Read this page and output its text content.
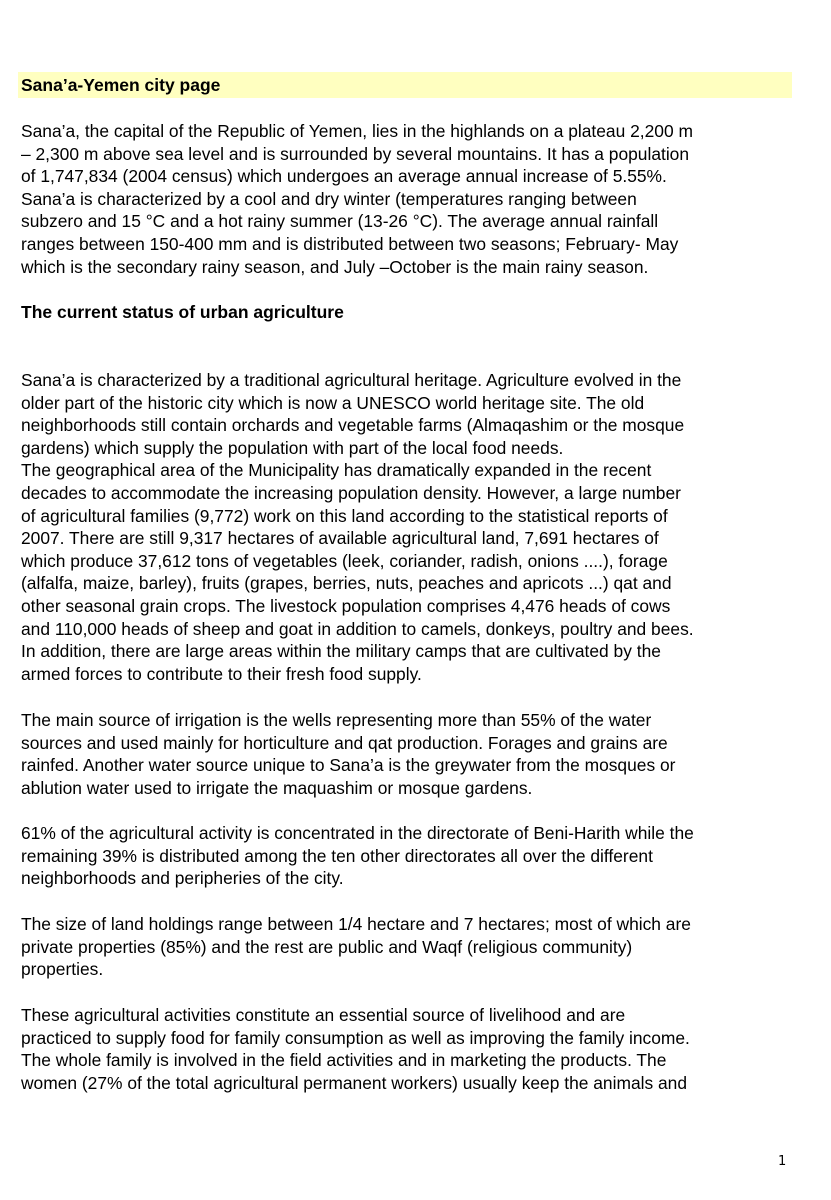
Sana’a-Yemen city page

Sana’a, the capital of the Republic of Yemen, lies in the highlands on a plateau 2,200 m
– 2,300 m above sea level and is surrounded by several mountains. It has a population
of 1,747,834 (2004 census) which undergoes an average annual increase of 5.55%.
Sana’a is characterized by a cool and dry winter (temperatures ranging between
subzero and 15 °C and a hot rainy summer (13-26 °C). The average annual rainfall
ranges between 150-400 mm and is distributed between two seasons; February- May
which is the secondary rainy season, and July –October is the main rainy season.

The current status of urban agriculture

Sana’a is characterized by a traditional agricultural heritage. Agriculture evolved in the
older part of the historic city which is now a UNESCO world heritage site. The old
neighborhoods still contain orchards and vegetable farms (Almaqashim or the mosque
gardens) which supply the population with part of the local food needs.
The geographical area of the Municipality has dramatically expanded in the recent
decades to accommodate the increasing population density. However, a large number
of agricultural families (9,772) work on this land according to the statistical reports of
2007. There are still 9,317 hectares of available agricultural land, 7,691 hectares of
which produce 37,612 tons of vegetables (leek, coriander, radish, onions ....), forage
(alfalfa, maize, barley), fruits (grapes, berries, nuts, peaches and apricots ...) qat and
other seasonal grain crops. The livestock population comprises 4,476 heads of cows
and 110,000 heads of sheep and goat in addition to camels, donkeys, poultry and bees.
In addition, there are large areas within the military camps that are cultivated by the
armed forces to contribute to their fresh food supply.

The main source of irrigation is the wells representing more than 55% of the water
sources and used mainly for horticulture and qat production. Forages and grains are
rainfed. Another water source unique to Sana’a is the greywater from the mosques or
ablution water used to irrigate the maquashim or mosque gardens.

61% of the agricultural activity is concentrated in the directorate of Beni-Harith while the
remaining 39% is distributed among the ten other directorates all over the different
neighborhoods and peripheries of the city.

The size of land holdings range between 1/4 hectare and 7 hectares; most of which are
private properties (85%) and the rest are public and Waqf (religious community)
properties.

These agricultural activities constitute an essential source of livelihood and are
practiced to supply food for family consumption as well as improving the family income.
The whole family is involved in the field activities and in marketing the products. The
women (27% of the total agricultural permanent workers) usually keep the animals and

1
